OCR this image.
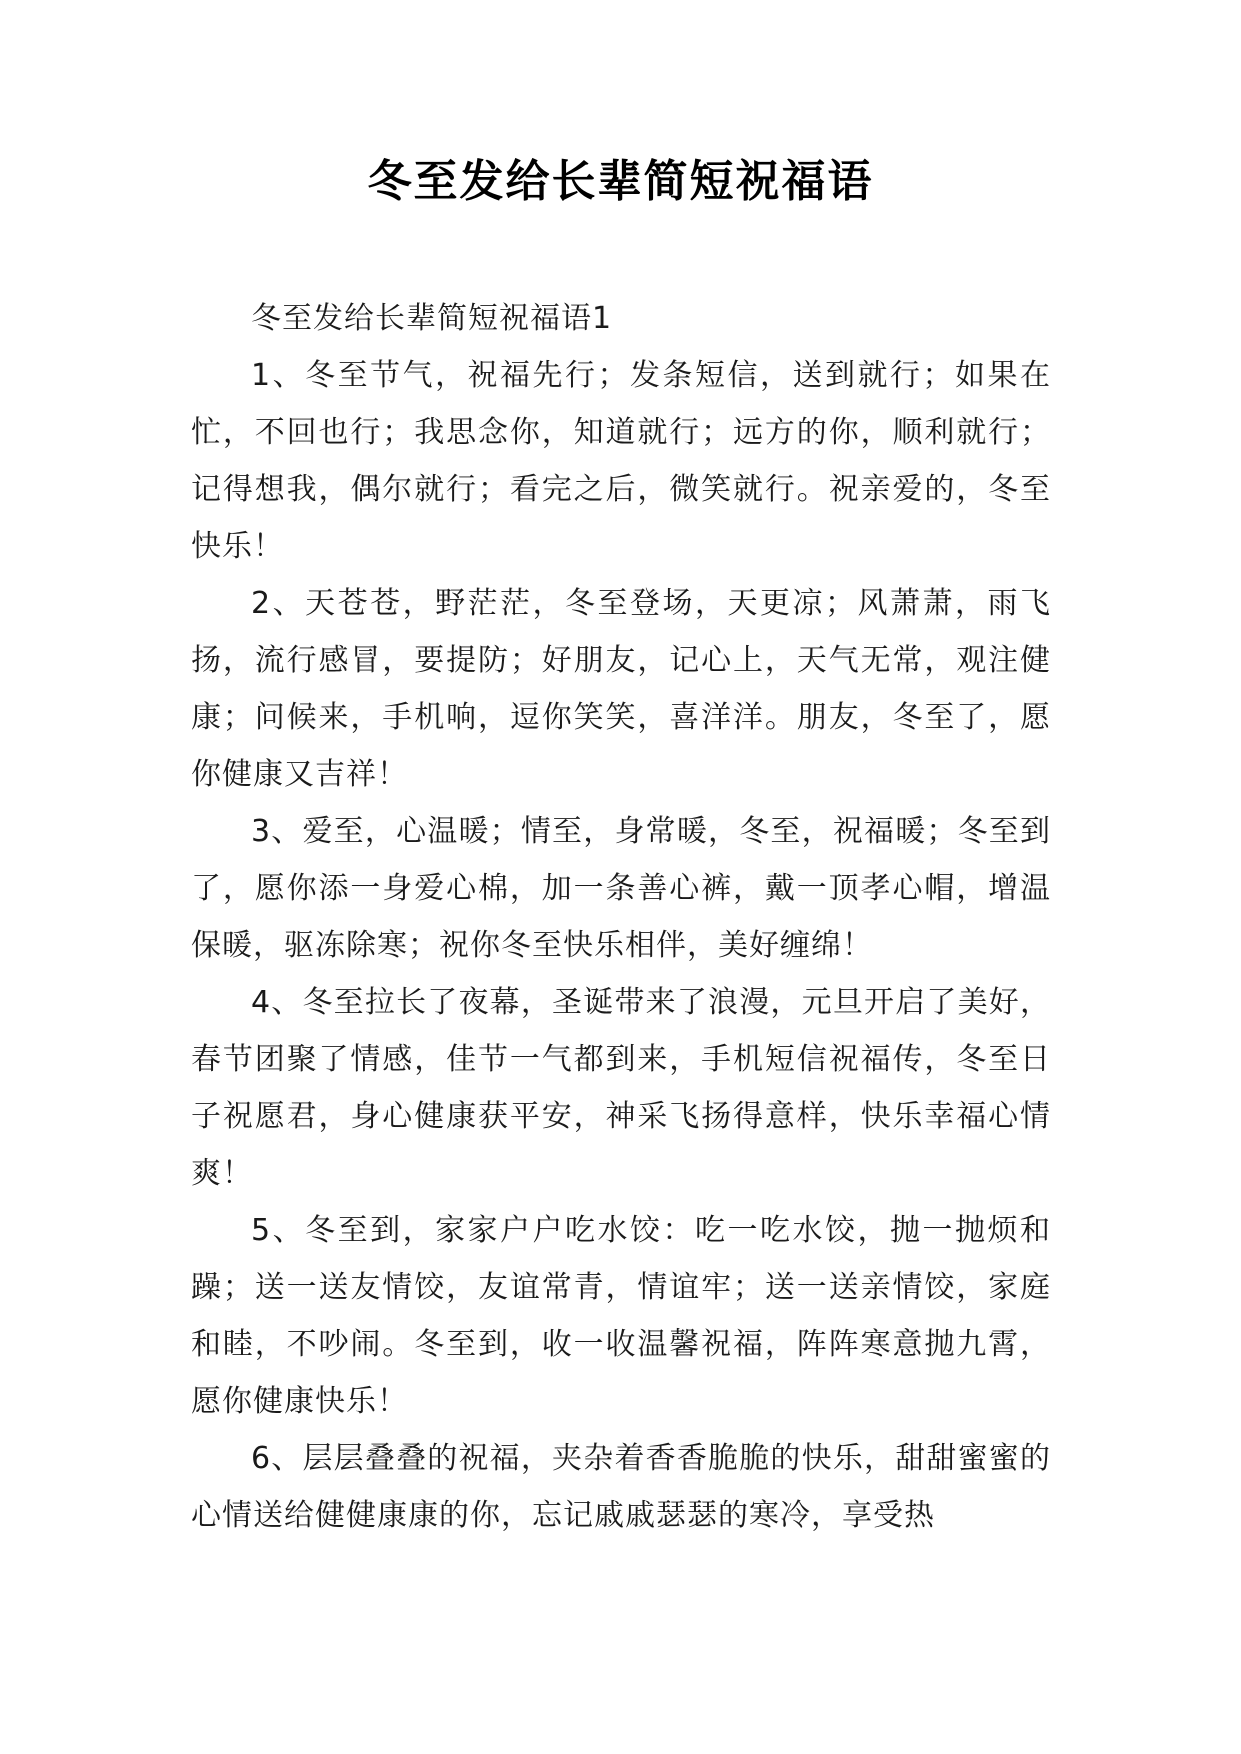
冬至发给长辈简短祝福语

冬至发给长辈简短祝福语1

1、冬至节气，祝福先行；发条短信，送到就行；如果在忙，不回也行；我思念你，知道就行；远方的你，顺利就行；记得想我，偶尔就行；看完之后，微笑就行。祝亲爱的，冬至快乐！

2、天苍苍，野茫茫，冬至登场，天更凉；风萧萧，雨飞扬，流行感冒，要提防；好朋友，记心上，天气无常，观注健康；问候来，手机响，逗你笑笑，喜洋洋。朋友，冬至了，愿你健康又吉祥！

3、爱至，心温暖；情至，身常暖，冬至，祝福暖；冬至到了，愿你添一身爱心棉，加一条善心裤，戴一顶孝心帽，增温保暖，驱冻除寒；祝你冬至快乐相伴，美好缠绵！

4、冬至拉长了夜幕，圣诞带来了浪漫，元旦开启了美好，春节团聚了情感，佳节一气都到来，手机短信祝福传，冬至日子祝愿君，身心健康获平安，神采飞扬得意样，快乐幸福心情爽！

5、冬至到，家家户户吃水饺：吃一吃水饺，抛一抛烦和躁；送一送友情饺，友谊常青，情谊牢；送一送亲情饺，家庭和睦，不吵闹。冬至到，收一收温馨祝福，阵阵寒意抛九霄，愿你健康快乐！

6、层层叠叠的祝福，夹杂着香香脆脆的快乐，甜甜蜜蜜的心情送给健健康康的你，忘记戚戚瑟瑟的寒冷，享受热
